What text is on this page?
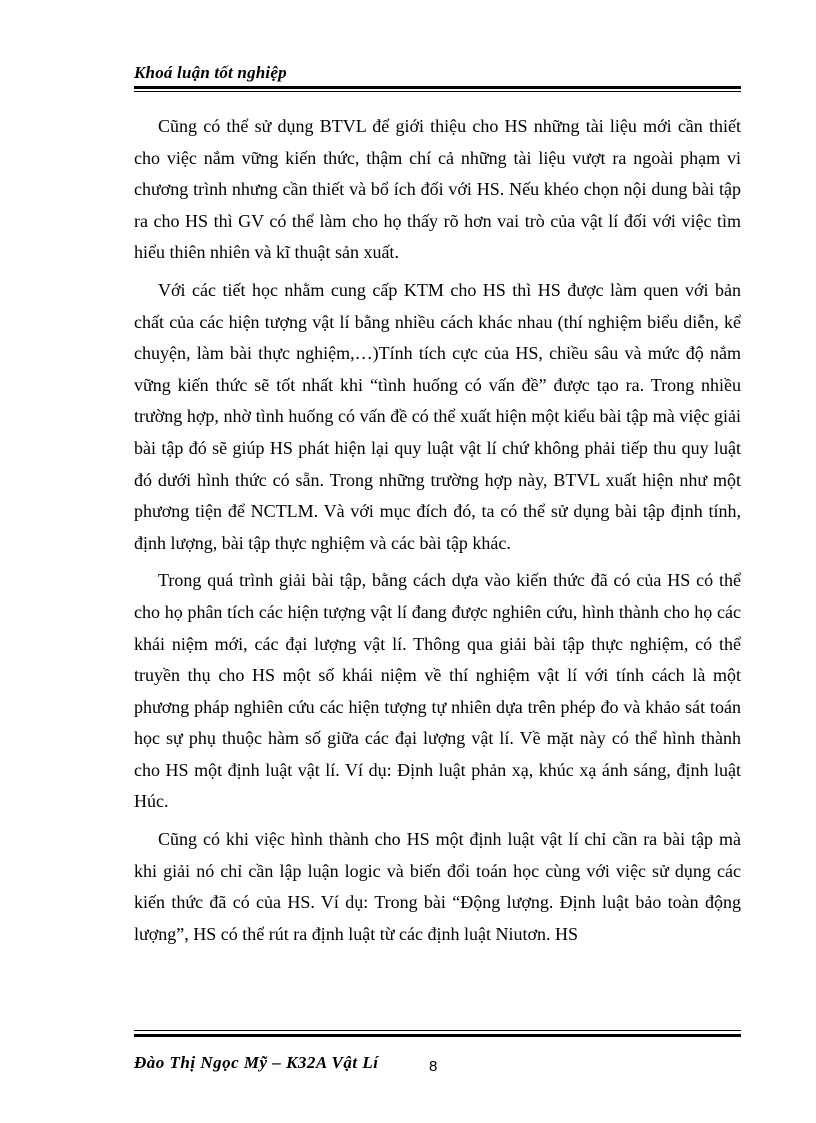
Khoá luận tốt nghiệp

Cũng có thể sử dụng BTVL để giới thiệu cho HS những tài liệu mới cần thiết cho việc nắm vững kiến thức, thậm chí cả những tài liệu vượt ra ngoài phạm vi chương trình nhưng cần thiết và bổ ích đối với HS. Nếu khéo chọn nội dung bài tập ra cho HS thì GV có thể làm cho họ thấy rõ hơn vai trò của vật lí đối với việc tìm hiểu thiên nhiên và kĩ thuật sản xuất.

Với các tiết học nhằm cung cấp KTM cho HS thì HS được làm quen với bản chất của các hiện tượng vật lí bằng nhiều cách khác nhau (thí nghiệm biểu diễn, kể chuyện, làm bài thực nghiệm,…)Tính tích cực của HS, chiều sâu và mức độ nắm vững kiến thức sẽ tốt nhất khi “tình huống có vấn đề” được tạo ra. Trong nhiều trường hợp, nhờ tình huống có vấn đề có thể xuất hiện một kiểu bài tập mà việc giải bài tập đó sẽ giúp HS phát hiện lại quy luật vật lí chứ không phải tiếp thu quy luật đó dưới hình thức có sẵn. Trong những trường hợp này, BTVL xuất hiện như một phương tiện để NCTLM. Và với mục đích đó, ta có thể sử dụng bài tập định tính, định lượng, bài tập thực nghiệm và các bài tập khác.

Trong quá trình giải bài tập, bằng cách dựa vào kiến thức đã có của HS có thể cho họ phân tích các hiện tượng vật lí đang được nghiên cứu, hình thành cho họ các khái niệm mới, các đại lượng vật lí. Thông qua giải bài tập thực nghiệm, có thể truyền thụ cho HS một số khái niệm về thí nghiệm vật lí với tính cách là một phương pháp nghiên cứu các hiện tượng tự nhiên dựa trên phép đo và khảo sát toán học sự phụ thuộc hàm số giữa các đại lượng vật lí. Về mặt này có thể hình thành cho HS một định luật vật lí. Ví dụ: Định luật phản xạ, khúc xạ ánh sáng, định luật Húc.

Cũng có khi việc hình thành cho HS một định luật vật lí chỉ cần ra bài tập mà khi giải nó chỉ cần lập luận logic và biến đổi toán học cùng với việc sử dụng các kiến thức đã có của HS. Ví dụ: Trong bài “Động lượng. Định luật bảo toàn động lượng”, HS có thể rút ra định luật từ các định luật Niutơn. HS

Đào Thị Ngọc Mỹ – K32A Vật Lí	8
